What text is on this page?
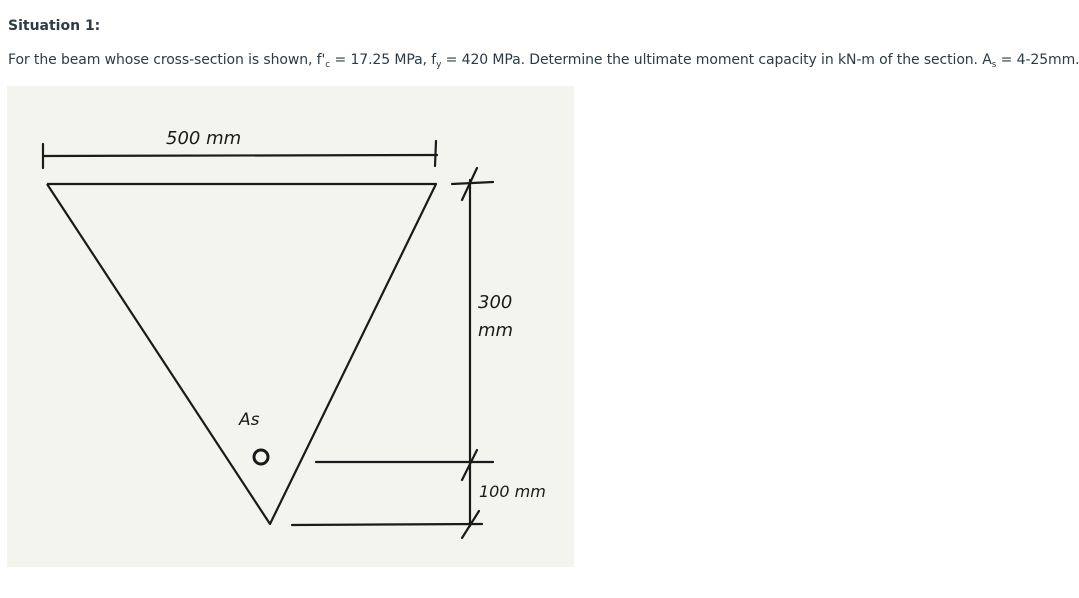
Situation 1:

For the beam whose cross-section is shown, $f'_c = 17.25$ MPa, $f_y = 420$ MPa. Determine the ultimate moment capacity in kN-m of the section. $A_s = 4-25mm$.

500 mm
300
mm
100 mm
As
